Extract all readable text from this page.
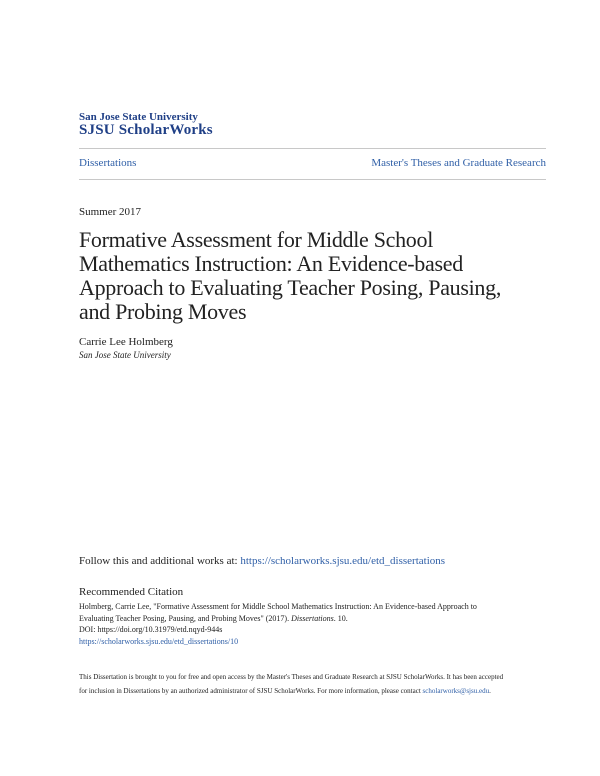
San Jose State University
SJSU ScholarWorks
Dissertations	Master's Theses and Graduate Research
Summer 2017
Formative Assessment for Middle School
Mathematics Instruction: An Evidence-based
Approach to Evaluating Teacher Posing, Pausing,
and Probing Moves
Carrie Lee Holmberg
San Jose State University
Follow this and additional works at: https://scholarworks.sjsu.edu/etd_dissertations
Recommended Citation
Holmberg, Carrie Lee, "Formative Assessment for Middle School Mathematics Instruction: An Evidence-based Approach to
Evaluating Teacher Posing, Pausing, and Probing Moves" (2017). Dissertations. 10.
DOI: https://doi.org/10.31979/etd.nqyd-944s
https://scholarworks.sjsu.edu/etd_dissertations/10
This Dissertation is brought to you for free and open access by the Master's Theses and Graduate Research at SJSU ScholarWorks. It has been accepted
for inclusion in Dissertations by an authorized administrator of SJSU ScholarWorks. For more information, please contact scholarworks@sjsu.edu.
